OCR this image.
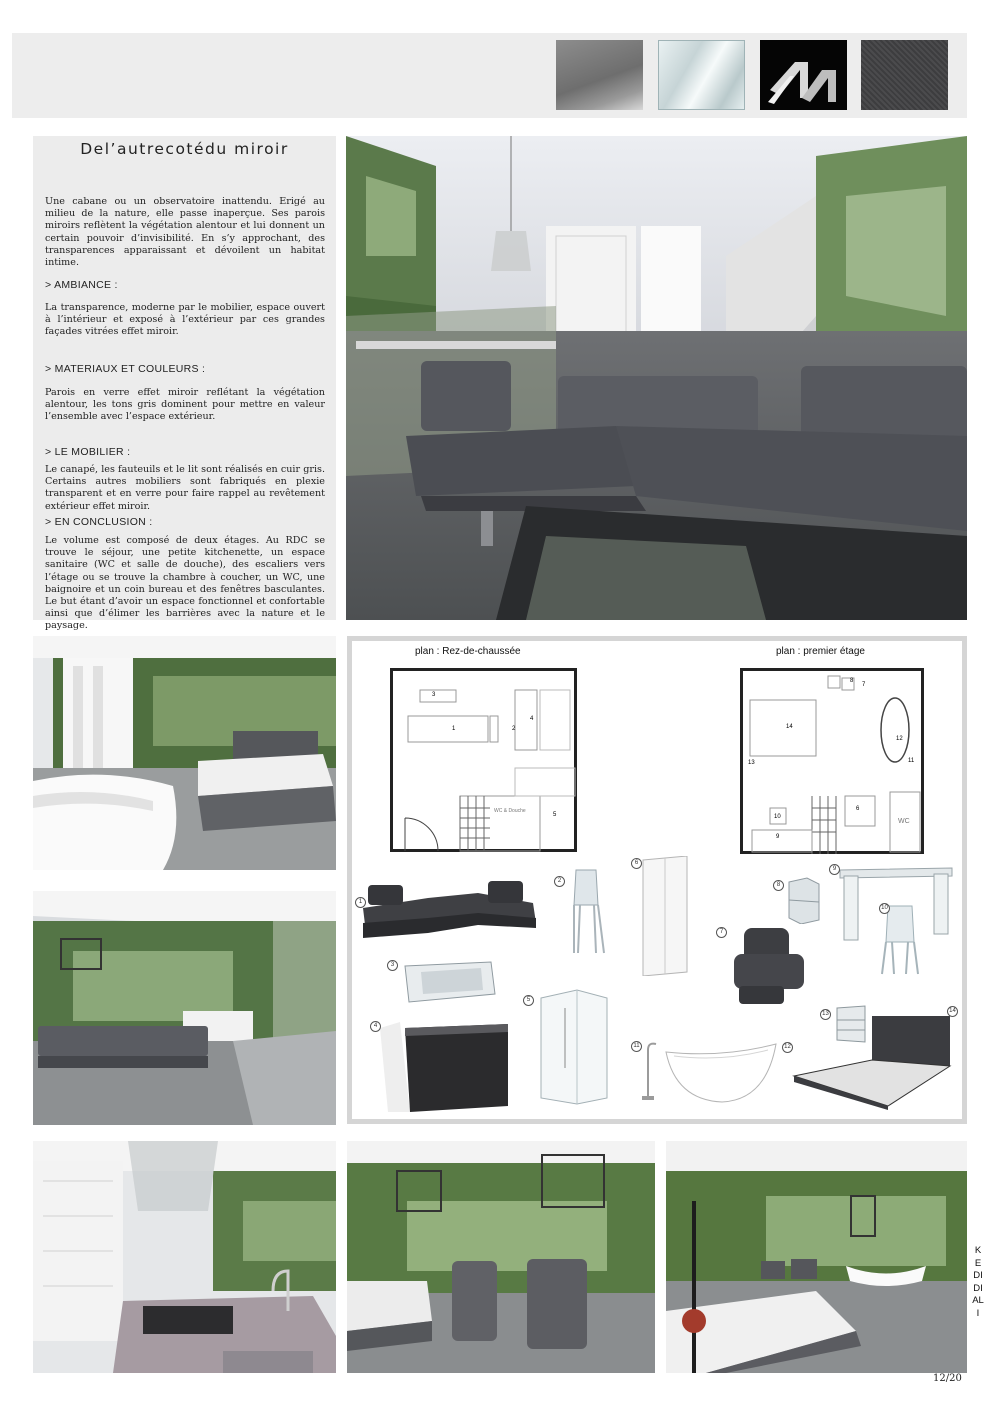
Del’autrecotédu miroir

Une cabane ou un observatoire inattendu. Erigé au milieu de la nature, elle passe inaperçue. Ses parois miroirs reflètent la végétation alentour et lui donnent un certain pouvoir d’invisibilité. En s’y approchant, des transparences apparaissant et dévoilent un habitat intime.

> AMBIANCE :

La transparence, moderne par le mobilier, espace ouvert à l’intérieur et exposé à l’extérieur par ces grandes façades vitrées effet miroir.

> MATERIAUX ET COULEURS :

Parois en verre effet miroir reflétant la végétation alentour, les tons gris dominent pour mettre en valeur l’ensemble avec l’espace extérieur.

> LE MOBILIER :

Le canapé, les fauteuils et le lit sont réalisés en cuir gris. Certains autres mobiliers sont fabriqués en plexie transparent et en verre pour faire rappel au revêtement extérieur effet miroir.

> EN CONCLUSION :

Le volume est composé de deux étages. Au RDC se trouve le séjour, une petite kitchenette, un espace sanitaire (WC et salle de douche), des escaliers vers l’étage ou se trouve la chambre à coucher, un WC, une baignoire et un coin bureau et des fenêtres basculantes. Le but étant d’avoir un espace fonctionnel et confortable ainsi que d’élimer les barrières avec la nature et le paysage.

plan : Rez-de-chaussée	plan : premier étage
3
1
4
2
WC & Douche
5
8
7
14
12
11
13
10
9
6
WC
1
2
3
4
5
6
7
8
9
10
11	12
13	14
KEDIDI ALI
12/20
